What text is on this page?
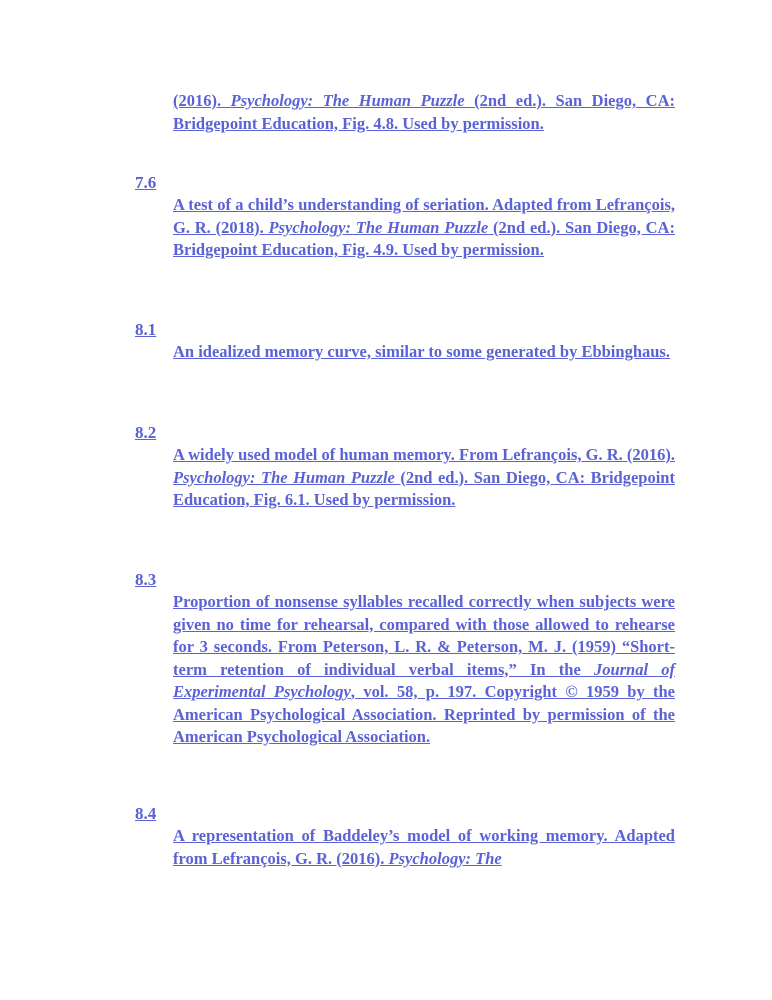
(2016). Psychology: The Human Puzzle (2nd ed.). San Diego, CA: Bridgepoint Education, Fig. 4.8. Used by permission.
7.6
A test of a child’s understanding of seriation. Adapted from Lefrançois, G. R. (2018). Psychology: The Human Puzzle (2nd ed.). San Diego, CA: Bridgepoint Education, Fig. 4.9. Used by permission.
8.1
An idealized memory curve, similar to some generated by Ebbinghaus.
8.2
A widely used model of human memory. From Lefrançois, G. R. (2016). Psychology: The Human Puzzle (2nd ed.). San Diego, CA: Bridgepoint Education, Fig. 6.1. Used by permission.
8.3
Proportion of nonsense syllables recalled correctly when subjects were given no time for rehearsal, compared with those allowed to rehearse for 3 seconds. From Peterson, L. R. & Peterson, M. J. (1959) “Short-term retention of individual verbal items,” In the Journal of Experimental Psychology, vol. 58, p. 197. Copyright © 1959 by the American Psychological Association. Reprinted by permission of the American Psychological Association.
8.4
A representation of Baddeley’s model of working memory. Adapted from Lefrançois, G. R. (2016). Psychology: The
